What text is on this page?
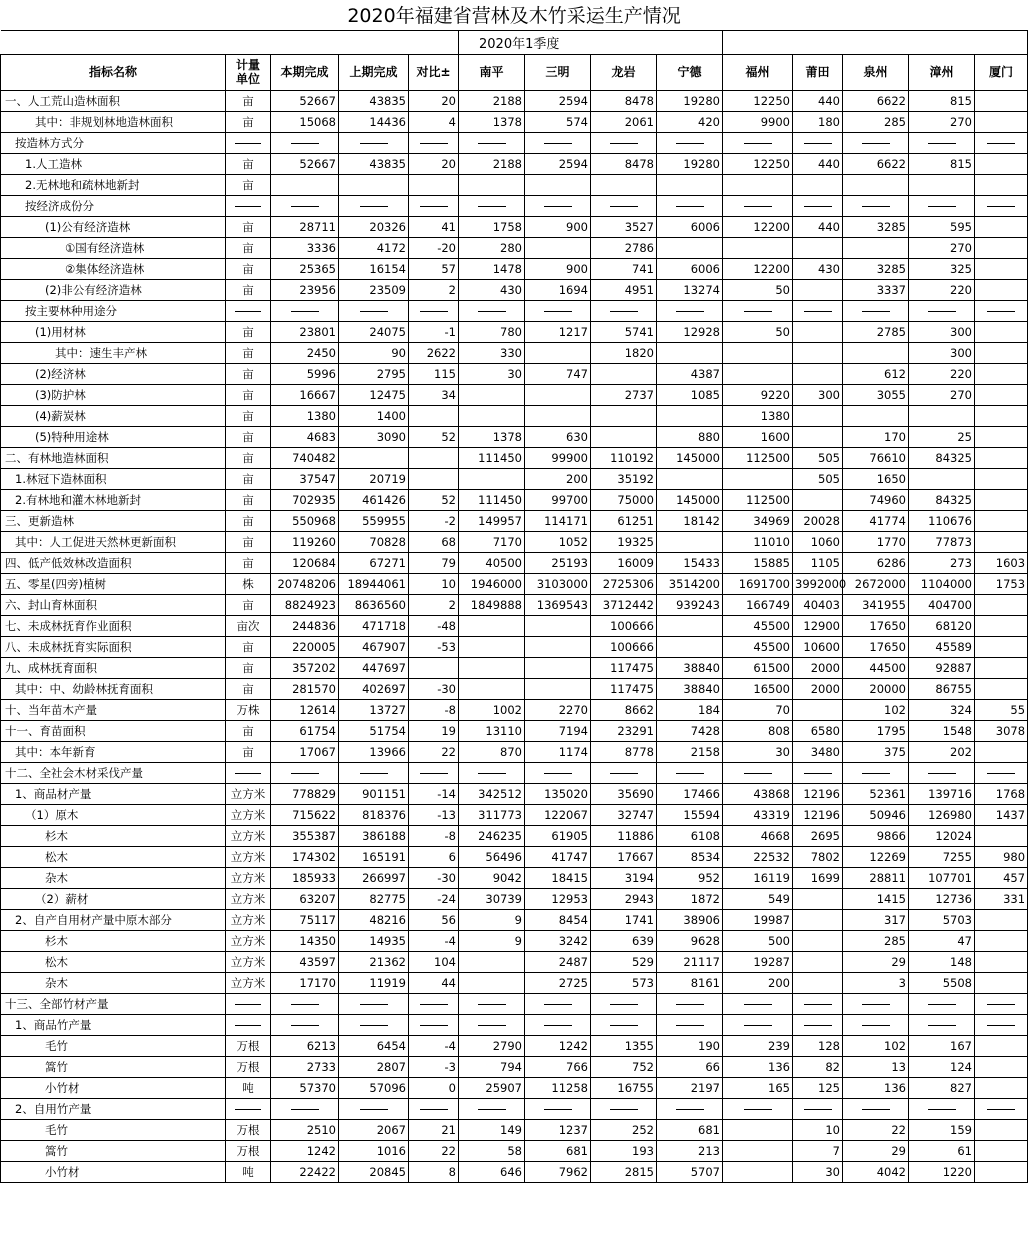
2020年福建省营林及木竹采运生产情况													
					2020年1季度								
指标名称	计量单位	本期完成	上期完成	对比±	南平	三明	龙岩	宁德	福州	莆田	泉州	漳州	厦门
一、人工荒山造林面积	亩	52667	43835	20	2188	2594	8478	19280	12250	440	6622	815	
其中：非规划林地造林面积	亩	15068	14436	4	1378	574	2061	420	9900	180	285	270	
按造林方式分													
1.人工造林	亩	52667	43835	20	2188	2594	8478	19280	12250	440	6622	815	
2.无林地和疏林地新封	亩												
按经济成份分													
(1)公有经济造林	亩	28711	20326	41	1758	900	3527	6006	12200	440	3285	595	
①国有经济造林	亩	3336	4172	-20	280		2786					270	
②集体经济造林	亩	25365	16154	57	1478	900	741	6006	12200	430	3285	325	
(2)非公有经济造林	亩	23956	23509	2	430	1694	4951	13274	50		3337	220	
按主要林种用途分													
(1)用材林	亩	23801	24075	-1	780	1217	5741	12928	50		2785	300	
其中：速生丰产林	亩	2450	90	2622	330		1820					300	
(2)经济林	亩	5996	2795	115	30	747		4387			612	220	
(3)防护林	亩	16667	12475	34			2737	1085	9220	300	3055	270	
(4)薪炭林	亩	1380	1400						1380				
(5)特种用途林	亩	4683	3090	52	1378	630		880	1600		170	25	
二、有林地造林面积	亩	740482			111450	99900	110192	145000	112500	505	76610	84325	
1.林冠下造林面积	亩	37547	20719			200	35192			505	1650		
2.有林地和灌木林地新封	亩	702935	461426	52	111450	99700	75000	145000	112500		74960	84325	
三、更新造林	亩	550968	559955	-2	149957	114171	61251	18142	34969	20028	41774	110676	
其中：人工促进天然林更新面积	亩	119260	70828	68	7170	1052	19325		11010	1060	1770	77873	
四、低产低效林改造面积	亩	120684	67271	79	40500	25193	16009	15433	15885	1105	6286	273	1603
五、零星(四旁)植树	株	20748206	18944061	10	1946000	3103000	2725306	3514200	1691700	3992000	2672000	1104000	1753
六、封山育林面积	亩	8824923	8636560	2	1849888	1369543	3712442	939243	166749	40403	341955	404700	
七、未成林抚育作业面积	亩次	244836	471718	-48			100666		45500	12900	17650	68120	
八、未成林抚育实际面积	亩	220005	467907	-53			100666		45500	10600	17650	45589	
九、成林抚育面积	亩	357202	447697				117475	38840	61500	2000	44500	92887	
其中：中、幼龄林抚育面积	亩	281570	402697	-30			117475	38840	16500	2000	20000	86755	
十、当年苗木产量	万株	12614	13727	-8	1002	2270	8662	184	70		102	324	55
十一、育苗面积	亩	61754	51754	19	13110	7194	23291	7428	808	6580	1795	1548	3078
其中：本年新育	亩	17067	13966	22	870	1174	8778	2158	30	3480	375	202	
十二、全社会木材采伐产量													
1、商品材产量	立方米	778829	901151	-14	342512	135020	35690	17466	43868	12196	52361	139716	1768
（1）原木	立方米	715622	818376	-13	311773	122067	32747	15594	43319	12196	50946	126980	1437
杉木	立方米	355387	386188	-8	246235	61905	11886	6108	4668	2695	9866	12024	
松木	立方米	174302	165191	6	56496	41747	17667	8534	22532	7802	12269	7255	980
杂木	立方米	185933	266997	-30	9042	18415	3194	952	16119	1699	28811	107701	457
（2）薪材	立方米	63207	82775	-24	30739	12953	2943	1872	549		1415	12736	331
2、自产自用材产量中原木部分	立方米	75117	48216	56	9	8454	1741	38906	19987		317	5703	
杉木	立方米	14350	14935	-4	9	3242	639	9628	500		285	47	
松木	立方米	43597	21362	104		2487	529	21117	19287		29	148	
杂木	立方米	17170	11919	44		2725	573	8161	200		3	5508	
十三、全部竹材产量													
1、商品竹产量													
毛竹	万根	6213	6454	-4	2790	1242	1355	190	239	128	102	167	
篙竹	万根	2733	2807	-3	794	766	752	66	136	82	13	124	
小竹材	吨	57370	57096	0	25907	11258	16755	2197	165	125	136	827	
2、自用竹产量													
毛竹	万根	2510	2067	21	149	1237	252	681		10	22	159	
篙竹	万根	1242	1016	22	58	681	193	213		7	29	61	
小竹材	吨	22422	20845	8	646	7962	2815	5707		30	4042	1220	
